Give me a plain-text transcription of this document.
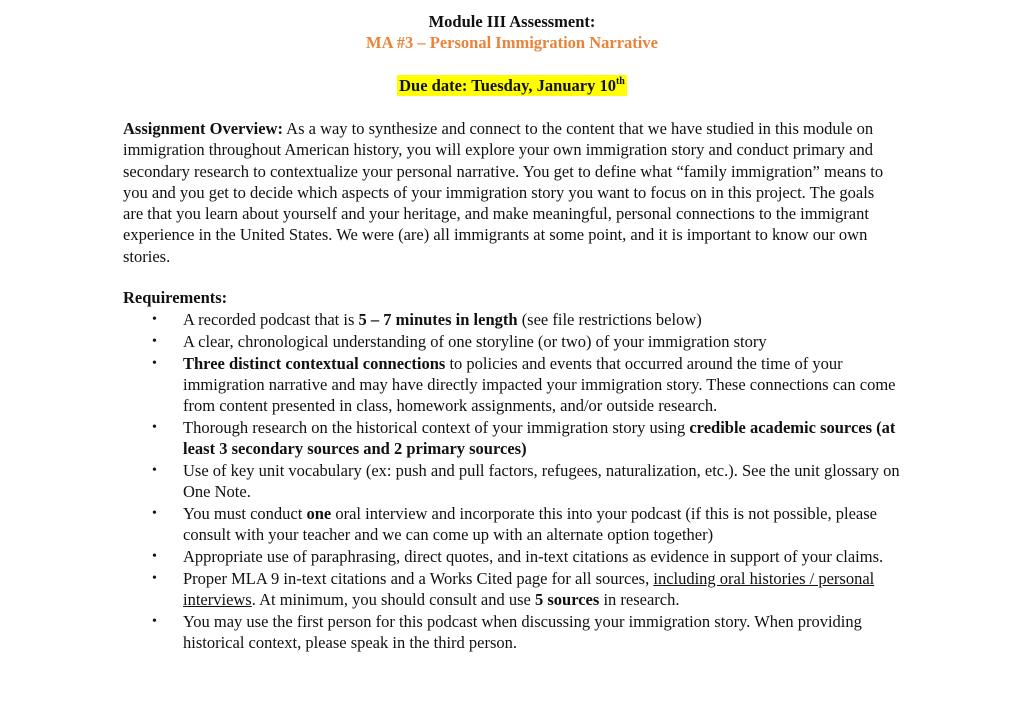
Module III Assessment:
MA #3 – Personal Immigration Narrative
Due date: Tuesday, January 10th

Assignment Overview: As a way to synthesize and connect to the content that we have studied in this module on immigration throughout American history, you will explore your own immigration story and conduct primary and secondary research to contextualize your personal narrative. You get to define what “family immigration” means to you and you get to decide which aspects of your immigration story you want to focus on in this project. The goals are that you learn about yourself and your heritage, and make meaningful, personal connections to the immigrant experience in the United States. We were (are) all immigrants at some point, and it is important to know our own stories.

Requirements:

• A recorded podcast that is 5 – 7 minutes in length (see file restrictions below)
• A clear, chronological understanding of one storyline (or two) of your immigration story
• Three distinct contextual connections to policies and events that occurred around the time of your immigration narrative and may have directly impacted your immigration story. These connections can come from content presented in class, homework assignments, and/or outside research.
• Thorough research on the historical context of your immigration story using credible academic sources (at least 3 secondary sources and 2 primary sources)
• Use of key unit vocabulary (ex: push and pull factors, refugees, naturalization, etc.). See the unit glossary on One Note.
• You must conduct one oral interview and incorporate this into your podcast (if this is not possible, please consult with your teacher and we can come up with an alternate option together)
• Appropriate use of paraphrasing, direct quotes, and in-text citations as evidence in support of your claims.
• Proper MLA 9 in-text citations and a Works Cited page for all sources, including oral histories / personal interviews. At minimum, you should consult and use 5 sources in research.
• You may use the first person for this podcast when discussing your immigration story. When providing historical context, please speak in the third person.
